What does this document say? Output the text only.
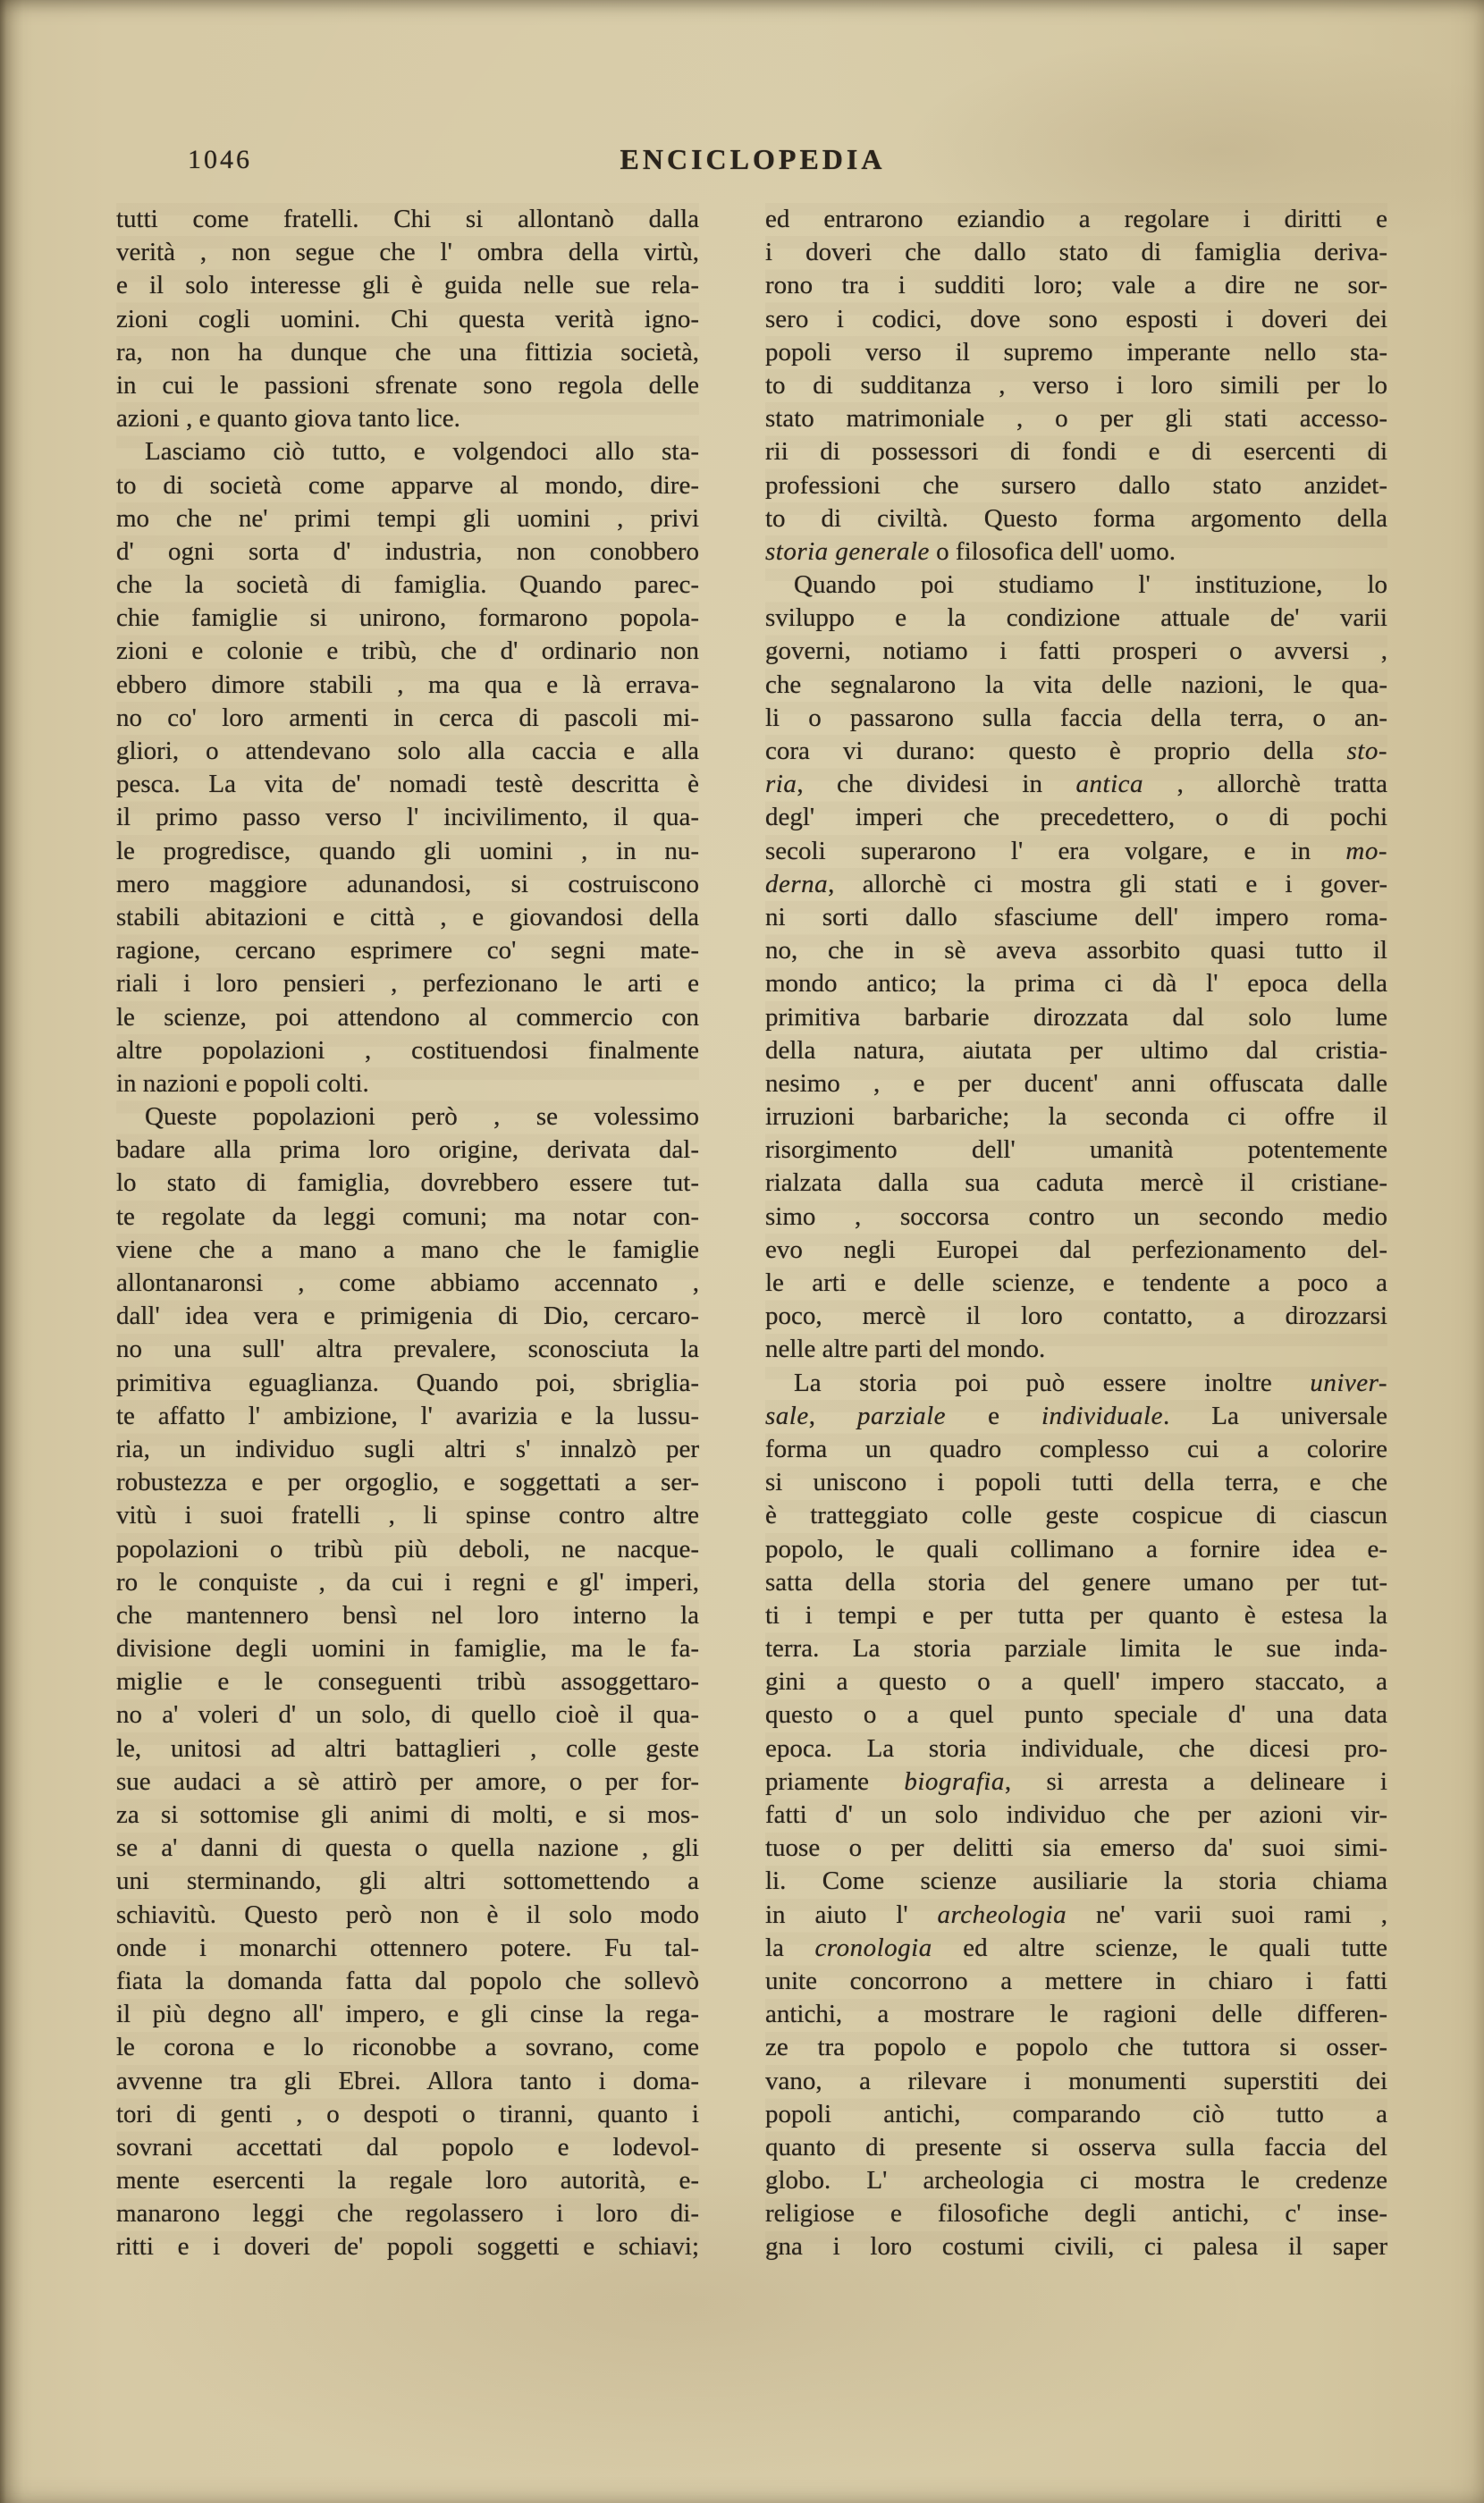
1046	ENCICLOPEDIA
tutti come fratelli. Chi si allontanò dalla
verità , non segue che l' ombra della virtù,
e il solo interesse gli è guida nelle sue rela-
zioni cogli uomini. Chi questa verità igno-
ra, non ha dunque che una fittizia società,
in cui le passioni sfrenate sono regola delle
azioni , e quanto giova tanto lice.
Lasciamo ciò tutto, e volgendoci allo sta-
to di società come apparve al mondo, dire-
mo che ne' primi tempi gli uomini , privi
d' ogni sorta d' industria, non conobbero
che la società di famiglia. Quando parec-
chie famiglie si unirono, formarono popola-
zioni e colonie e tribù, che d' ordinario non
ebbero dimore stabili , ma qua e là errava-
no co' loro armenti in cerca di pascoli mi-
gliori, o attendevano solo alla caccia e alla
pesca. La vita de' nomadi testè descritta è
il primo passo verso l' incivilimento, il qua-
le progredisce, quando gli uomini , in nu-
mero maggiore adunandosi, si costruiscono
stabili abitazioni e città , e giovandosi della
ragione, cercano esprimere co' segni mate-
riali i loro pensieri , perfezionano le arti e
le scienze, poi attendono al commercio con
altre popolazioni , costituendosi finalmente
in nazioni e popoli colti.
Queste popolazioni però , se volessimo
badare alla prima loro origine, derivata dal-
lo stato di famiglia, dovrebbero essere tut-
te regolate da leggi comuni; ma notar con-
viene che a mano a mano che le famiglie
allontanaronsi , come abbiamo accennato ,
dall' idea vera e primigenia di Dio, cercaro-
no una sull' altra prevalere, sconosciuta la
primitiva eguaglianza. Quando poi, sbriglia-
te affatto l' ambizione, l' avarizia e la lussu-
ria, un individuo sugli altri s' innalzò per
robustezza e per orgoglio, e soggettati a ser-
vitù i suoi fratelli , li spinse contro altre
popolazioni o tribù più deboli, ne nacque-
ro le conquiste , da cui i regni e gl' imperi,
che mantennero bensì nel loro interno la
divisione degli uomini in famiglie, ma le fa-
miglie e le conseguenti tribù assoggettaro-
no a' voleri d' un solo, di quello cioè il qua-
le, unitosi ad altri battaglieri , colle geste
sue audaci a sè attirò per amore, o per for-
za si sottomise gli animi di molti, e si mos-
se a' danni di questa o quella nazione , gli
uni sterminando, gli altri sottomettendo a
schiavitù. Questo però non è il solo modo
onde i monarchi ottennero potere. Fu tal-
fiata la domanda fatta dal popolo che sollevò
il più degno all' impero, e gli cinse la rega-
le corona e lo riconobbe a sovrano, come
avvenne tra gli Ebrei. Allora tanto i doma-
tori di genti , o despoti o tiranni, quanto i
sovrani accettati dal popolo e lodevol-
mente esercenti la regale loro autorità, e-
manarono leggi che regolassero i loro di-
ritti e i doveri de' popoli soggetti e schiavi;
ed entrarono eziandio a regolare i diritti e
i doveri che dallo stato di famiglia deriva-
rono tra i sudditi loro; vale a dire ne sor-
sero i codici, dove sono esposti i doveri dei
popoli verso il supremo imperante nello sta-
to di sudditanza , verso i loro simili per lo
stato matrimoniale , o per gli stati accesso-
rii di possessori di fondi e di esercenti di
professioni che sursero dallo stato anzidet-
to di civiltà. Questo forma argomento della
storia generale o filosofica dell' uomo.
Quando poi studiamo l' instituzione, lo
sviluppo e la condizione attuale de' varii
governi, notiamo i fatti prosperi o avversi ,
che segnalarono la vita delle nazioni, le qua-
li o passarono sulla faccia della terra, o an-
cora vi durano: questo è proprio della sto-
ria, che dividesi in antica , allorchè tratta
degl' imperi che precedettero, o di pochi
secoli superarono l' era volgare, e in mo-
derna, allorchè ci mostra gli stati e i gover-
ni sorti dallo sfasciume dell' impero roma-
no, che in sè aveva assorbito quasi tutto il
mondo antico; la prima ci dà l' epoca della
primitiva barbarie dirozzata dal solo lume
della natura, aiutata per ultimo dal cristia-
nesimo , e per ducent' anni offuscata dalle
irruzioni barbariche; la seconda ci offre il
risorgimento dell' umanità potentemente
rialzata dalla sua caduta mercè il cristiane-
simo , soccorsa contro un secondo medio
evo negli Europei dal perfezionamento del-
le arti e delle scienze, e tendente a poco a
poco, mercè il loro contatto, a dirozzarsi
nelle altre parti del mondo.
La storia poi può essere inoltre univer-
sale, parziale e individuale. La universale
forma un quadro complesso cui a colorire
si uniscono i popoli tutti della terra, e che
è tratteggiato colle geste cospicue di ciascun
popolo, le quali collimano a fornire idea e-
satta della storia del genere umano per tut-
ti i tempi e per tutta per quanto è estesa la
terra. La storia parziale limita le sue inda-
gini a questo o a quell' impero staccato, a
questo o a quel punto speciale d' una data
epoca. La storia individuale, che dicesi pro-
priamente biografia, si arresta a delineare i
fatti d' un solo individuo che per azioni vir-
tuose o per delitti sia emerso da' suoi simi-
li. Come scienze ausiliarie la storia chiama
in aiuto l' archeologia ne' varii suoi rami ,
la cronologia ed altre scienze, le quali tutte
unite concorrono a mettere in chiaro i fatti
antichi, a mostrare le ragioni delle differen-
ze tra popolo e popolo che tuttora si osser-
vano, a rilevare i monumenti superstiti dei
popoli antichi, comparando ciò tutto a
quanto di presente si osserva sulla faccia del
globo. L' archeologia ci mostra le credenze
religiose e filosofiche degli antichi, c' inse-
gna i loro costumi civili, ci palesa il saper
